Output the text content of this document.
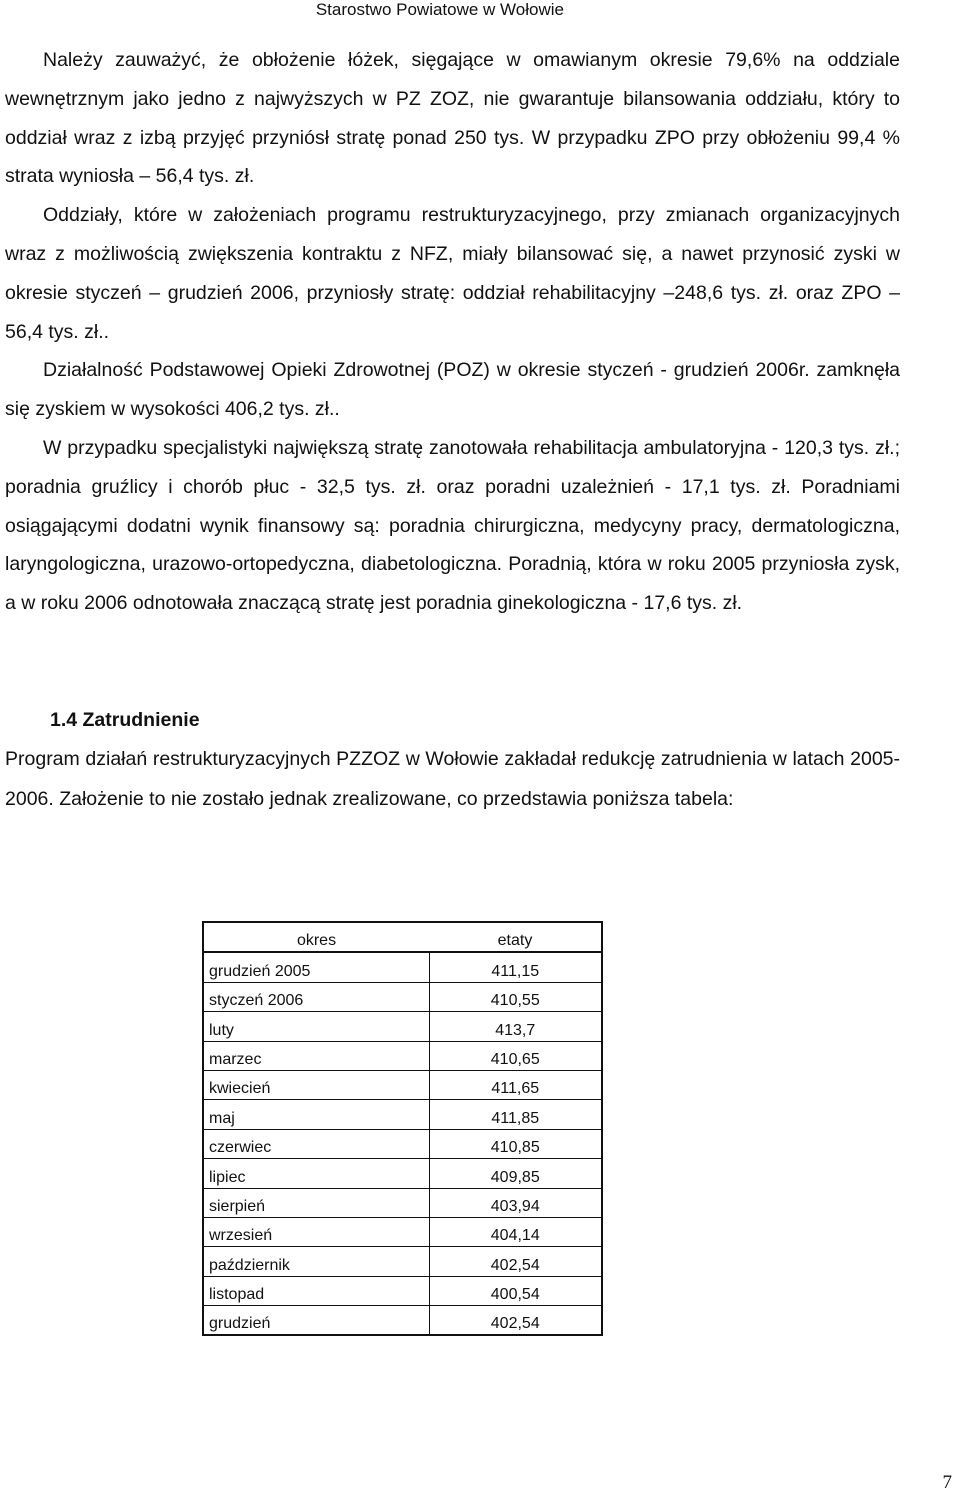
Starostwo Powiatowe w Wołowie

Należy zauważyć, że obłożenie łóżek, sięgające w omawianym okresie 79,6% na oddziale wewnętrznym jako jedno z najwyższych w PZ ZOZ, nie gwarantuje bilansowania oddziału, który to oddział wraz z izbą przyjęć przyniósł stratę ponad 250 tys. W przypadku ZPO przy obłożeniu 99,4 % strata wyniosła – 56,4 tys. zł.

Oddziały, które w założeniach programu restrukturyzacyjnego, przy zmianach organizacyjnych wraz z możliwością zwiększenia kontraktu z NFZ, miały bilansować się, a nawet przynosić zyski w okresie styczeń – grudzień 2006, przyniosły stratę: oddział rehabilitacyjny –248,6 tys. zł. oraz ZPO – 56,4 tys. zł..

Działalność Podstawowej Opieki Zdrowotnej (POZ) w okresie styczeń - grudzień 2006r. zamknęła się zyskiem w wysokości 406,2 tys. zł..

W przypadku specjalistyki największą stratę zanotowała rehabilitacja ambulatoryjna - 120,3 tys. zł.; poradnia gruźlicy i chorób płuc - 32,5 tys. zł. oraz poradni uzależnień - 17,1 tys. zł. Poradniami osiągającymi dodatni wynik finansowy są: poradnia chirurgiczna, medycyny pracy, dermatologiczna, laryngologiczna, urazowo-ortopedyczna, diabetologiczna. Poradnią, która w roku 2005 przyniosła zysk, a w roku 2006 odnotowała znaczącą stratę jest poradnia ginekologiczna - 17,6 tys. zł.

1.4 Zatrudnienie

Program działań restrukturyzacyjnych PZZOZ w Wołowie zakładał redukcję zatrudnienia w latach 2005-2006. Założenie to nie zostało jednak zrealizowane, co przedstawia poniższa tabela:

okres	etaty
grudzień 2005	411,15
styczeń 2006	410,55
luty	413,7
marzec	410,65
kwiecień	411,65
maj	411,85
czerwiec	410,85
lipiec	409,85
sierpień	403,94
wrzesień	404,14
październik	402,54
listopad	400,54
grudzień	402,54
7
